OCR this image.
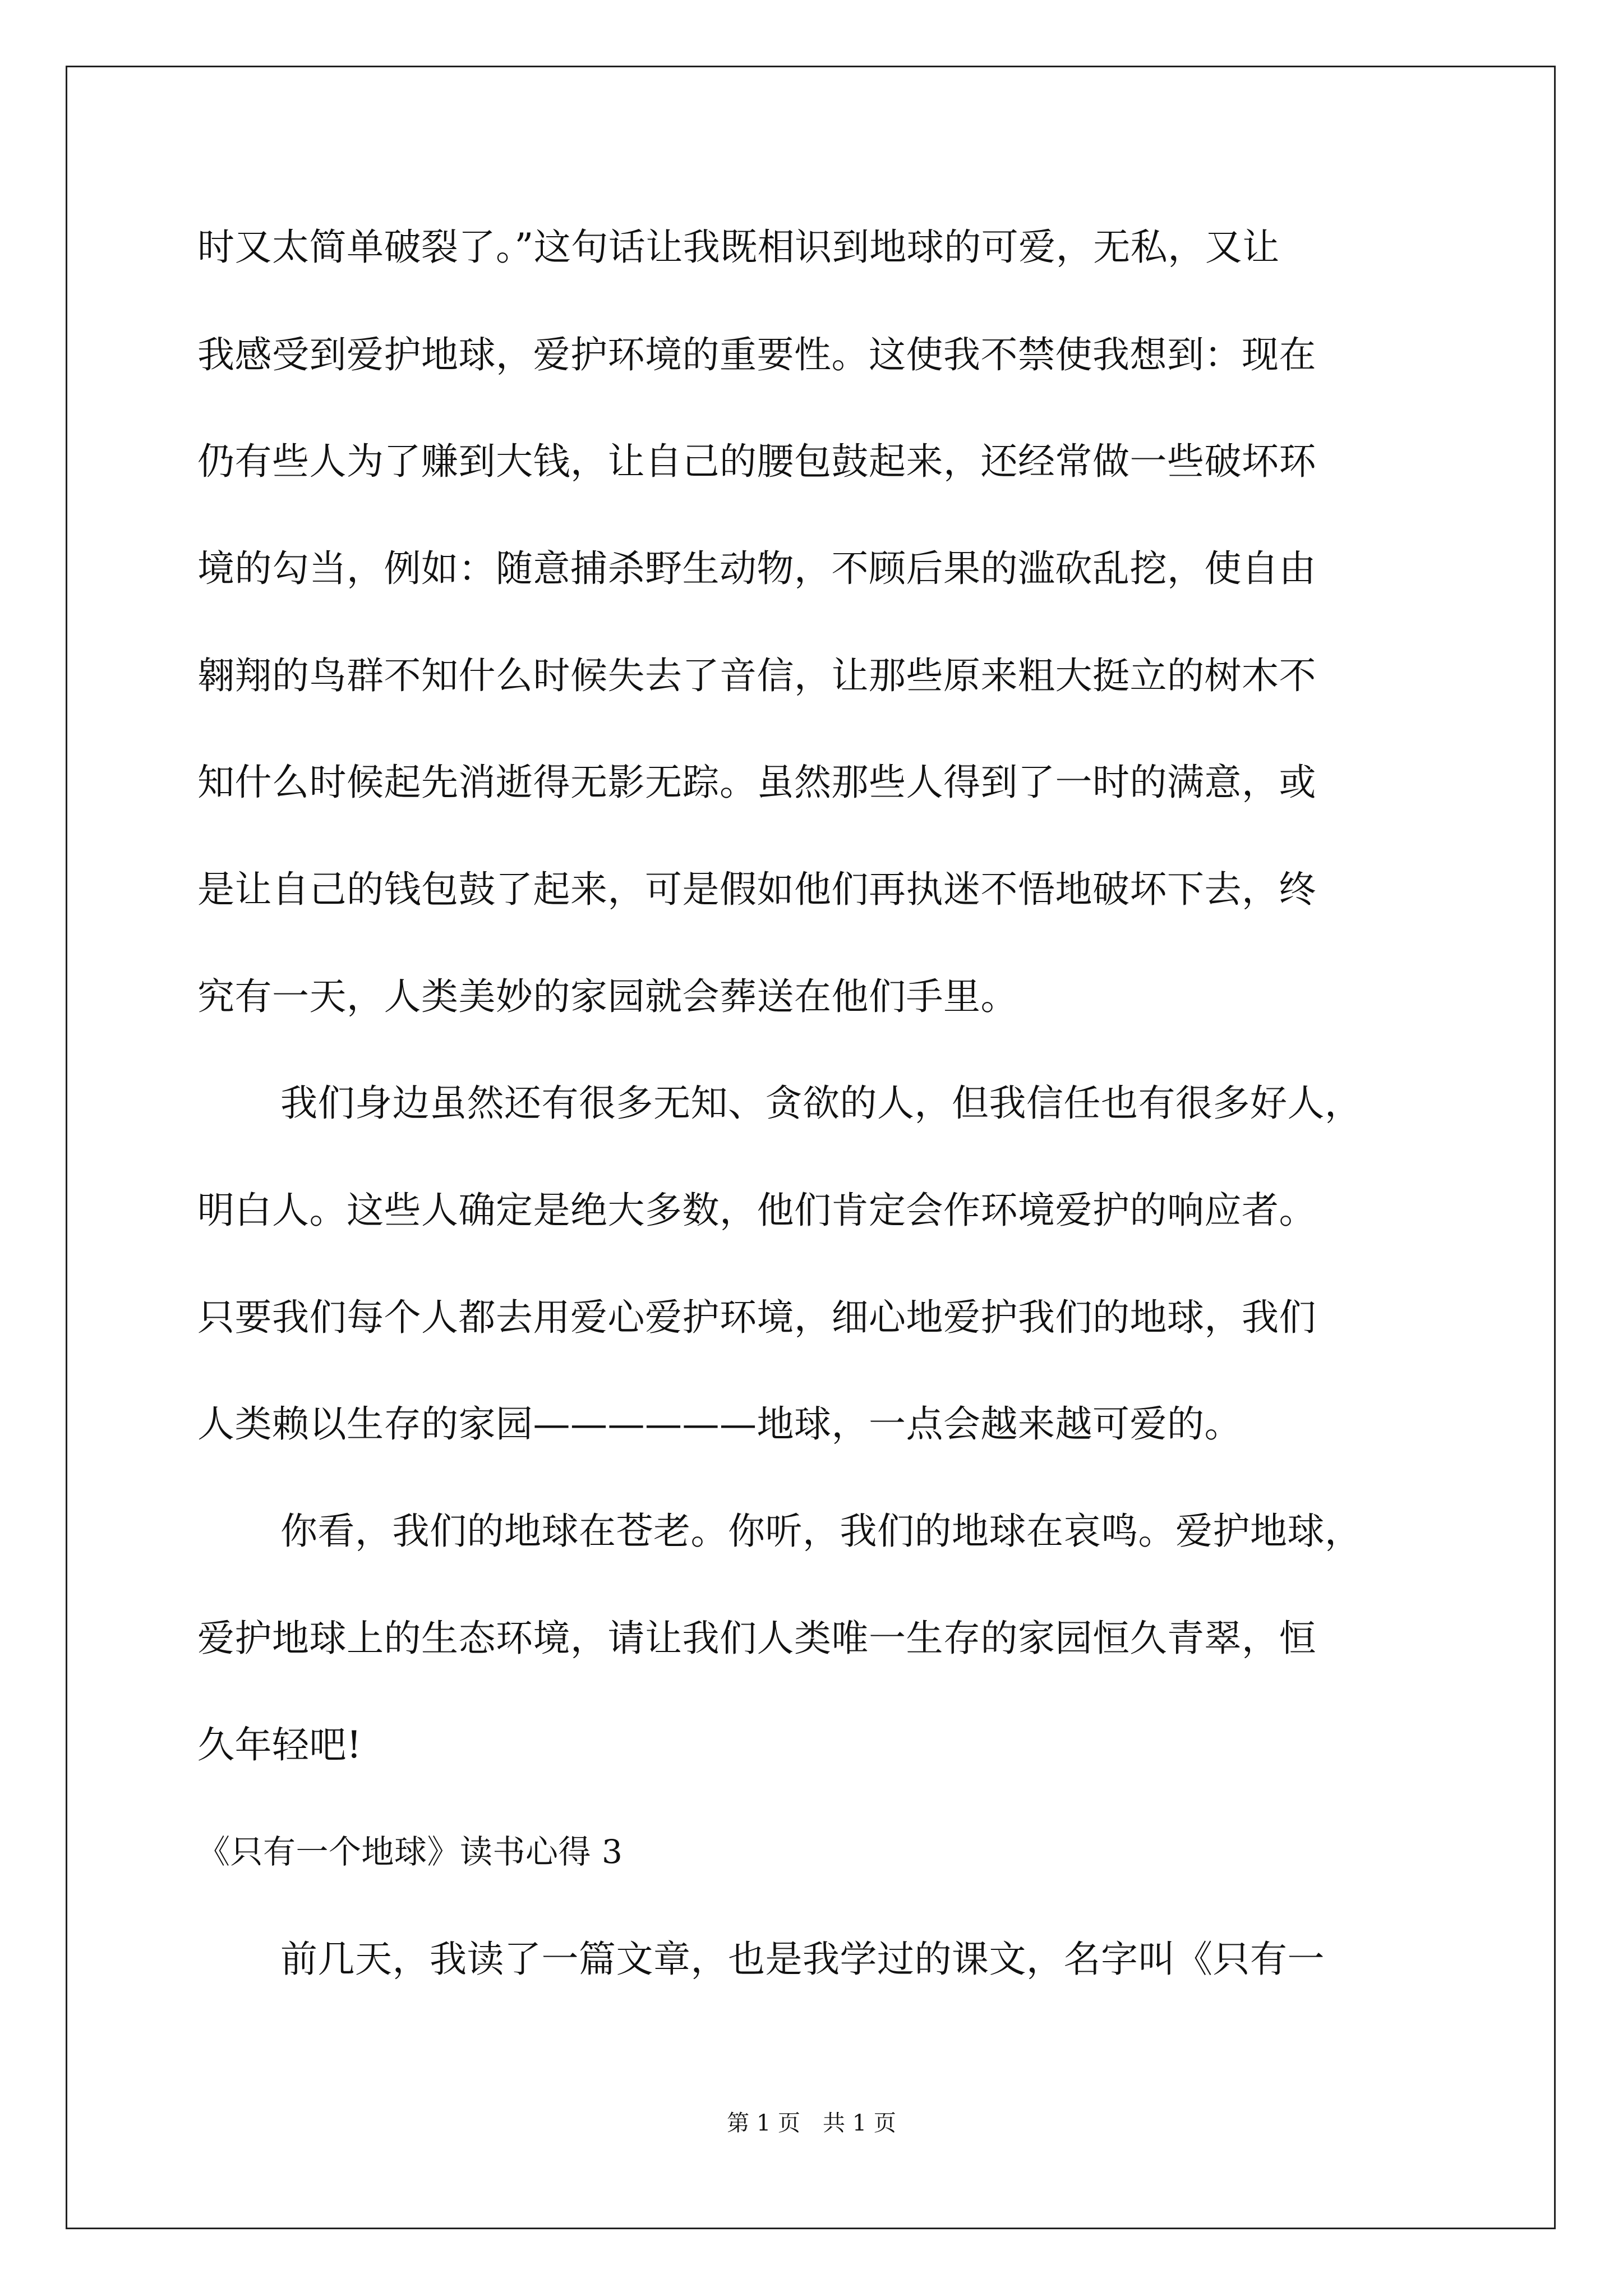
时又太简单破裂了。”这句话让我既相识到地球的可爱，无私，又让
我感受到爱护地球，爱护环境的重要性。这使我不禁使我想到：现在
仍有些人为了赚到大钱，让自己的腰包鼓起来，还经常做一些破坏环
境的勾当，例如：随意捕杀野生动物，不顾后果的滥砍乱挖，使自由
翱翔的鸟群不知什么时候失去了音信，让那些原来粗大挺立的树木不
知什么时候起先消逝得无影无踪。虽然那些人得到了一时的满意，或
是让自己的钱包鼓了起来，可是假如他们再执迷不悟地破坏下去，终
究有一天，人类美妙的家园就会葬送在他们手里。
我们身边虽然还有很多无知、贪欲的人，但我信任也有很多好人，
明白人。这些人确定是绝大多数，他们肯定会作环境爱护的响应者。
只要我们每个人都去用爱心爱护环境，细心地爱护我们的地球，我们
人类赖以生存的家园——————地球，一点会越来越可爱的。
你看，我们的地球在苍老。你听，我们的地球在哀鸣。爱护地球，
爱护地球上的生态环境，请让我们人类唯一生存的家园恒久青翠，恒
久年轻吧!
《只有一个地球》读书心得 3
前几天，我读了一篇文章，也是我学过的课文，名字叫《只有一
第 1 页 共 1 页
